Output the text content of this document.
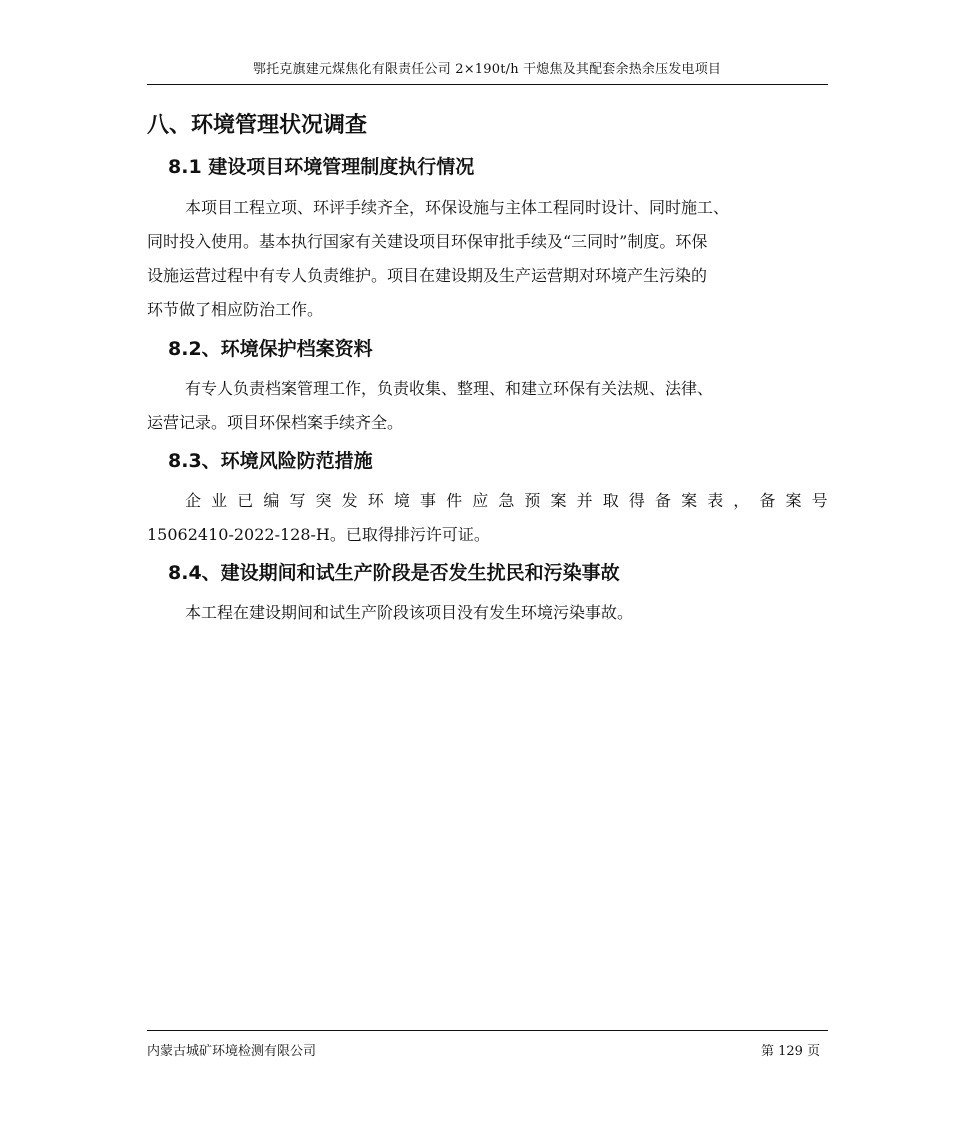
鄂托克旗建元煤焦化有限责任公司 2×190t/h 干熄焦及其配套余热余压发电项目
八、环境管理状况调查
8.1 建设项目环境管理制度执行情况
本项目工程立项、环评手续齐全，环保设施与主体工程同时设计、同时施工、
同时投入使用。基本执行国家有关建设项目环保审批手续及“三同时”制度。环保
设施运营过程中有专人负责维护。项目在建设期及生产运营期对环境产生污染的
环节做了相应防治工作。
8.2、环境保护档案资料
有专人负责档案管理工作，负责收集、整理、和建立环保有关法规、法律、
运营记录。项目环保档案手续齐全。
8.3、环境风险防范措施
企 业 已 编 写 突 发 环 境 事 件 应 急 预 案 并 取 得 备 案 表 ， 备 案 号
15062410-2022-128-H。已取得排污许可证。
8.4、建设期间和试生产阶段是否发生扰民和污染事故
本工程在建设期间和试生产阶段该项目没有发生环境污染事故。
内蒙古城矿环境检测有限公司	第 129 页
